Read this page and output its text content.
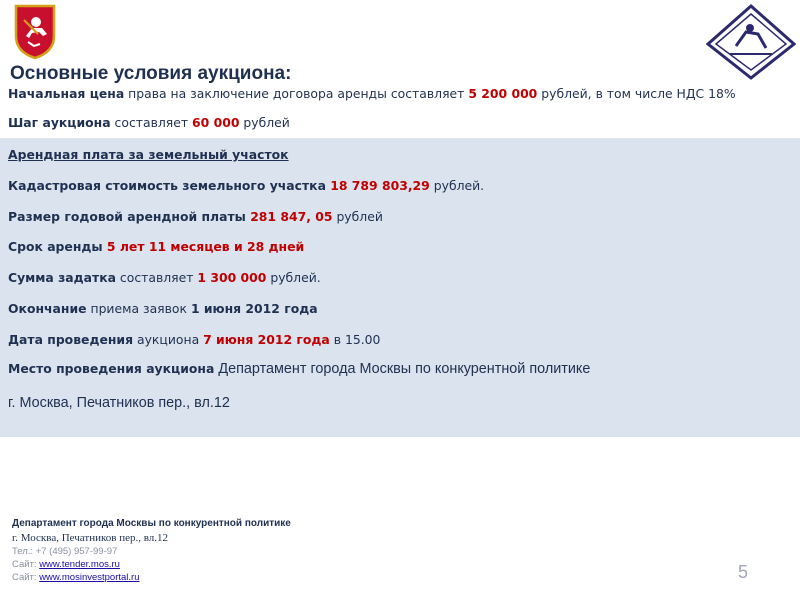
Основные условия аукциона:
Начальная цена права на заключение договора аренды составляет 5 200 000 рублей, в том числе НДС 18%
Шаг аукциона составляет 60 000 рублей
Арендная плата за земельный участок
Кадастровая стоимость земельного участка 18 789 803,29 рублей.
Размер годовой арендной платы 281 847, 05 рублей
Срок аренды 5 лет 11 месяцев и 28 дней
Сумма задатка составляет 1 300 000 рублей.
Окончание приема заявок 1 июня 2012 года
Дата проведения аукциона 7 июня 2012 года в 15.00
Место проведения аукциона Департамент города Москвы по конкурентной политике
г. Москва, Печатников пер., вл.12
Департамент города Москвы по конкурентной политике
г. Москва, Печатников пер., вл.12
Тел.: +7 (495) 957-99-97
Сайт: www.tender.mos.ru
Сайт: www.mosinvestportal.ru	5
